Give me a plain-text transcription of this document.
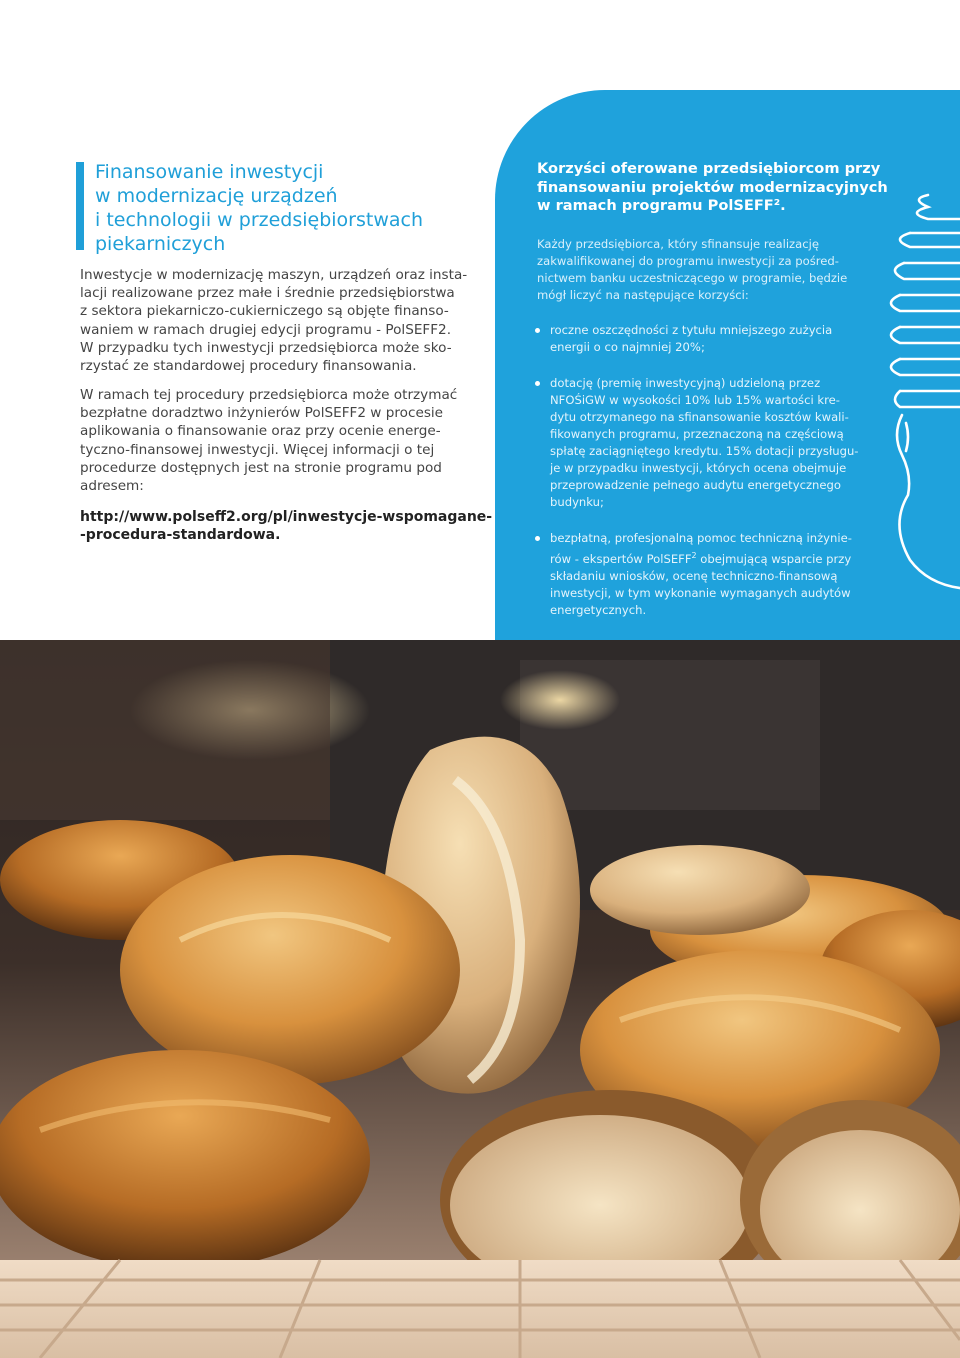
Finansowanie inwestycji
w modernizację urządzeń
i technologii w przedsiębiorstwach
piekarniczych
Inwestycje w modernizację maszyn, urządzeń oraz insta-
lacji realizowane przez małe i średnie przedsiębiorstwa
z sektora piekarniczo-cukierniczego są objęte finanso-
waniem w ramach drugiej edycji programu - PolSEFF2.
W przypadku tych inwestycji przedsiębiorca może sko-
rzystać ze standardowej procedury finansowania.
W ramach tej procedury przedsiębiorca może otrzymać
bezpłatne doradztwo inżynierów PolSEFF2 w procesie
aplikowania o finansowanie oraz przy ocenie energe-
tyczno-finansowej inwestycji. Więcej informacji o tej
procedurze dostępnych jest na stronie programu pod
adresem:
http://www.polseff2.org/pl/inwestycje-wspomagane-
-procedura-standardowa.
Korzyści oferowane przedsiębiorcom przy
finansowaniu projektów modernizacyjnych
w ramach programu PolSEFF².
Każdy przedsiębiorca, który sfinansuje realizację
zakwalifikowanej do programu inwestycji za pośred-
nictwem banku uczestniczącego w programie, będzie
mógł liczyć na następujące korzyści:
roczne oszczędności z tytułu mniejszego zużycia
energii o co najmniej 20%;
dotację (premię inwestycyjną) udzieloną przez
NFOŚiGW w wysokości 10% lub 15% wartości kre-
dytu otrzymanego na sfinansowanie kosztów kwali-
fikowanych programu, przeznaczoną na częściową
spłatę zaciągniętego kredytu. 15% dotacji przysługu-
je w przypadku inwestycji, których ocena obejmuje
przeprowadzenie pełnego audytu energetycznego
budynku;
bezpłatną, profesjonalną pomoc techniczną inżynie-
rów - ekspertów PolSEFF$^2$ obejmującą wsparcie przy
składaniu wniosków, ocenę techniczno-finansową
inwestycji, w tym wykonanie wymaganych audytów
energetycznych.
